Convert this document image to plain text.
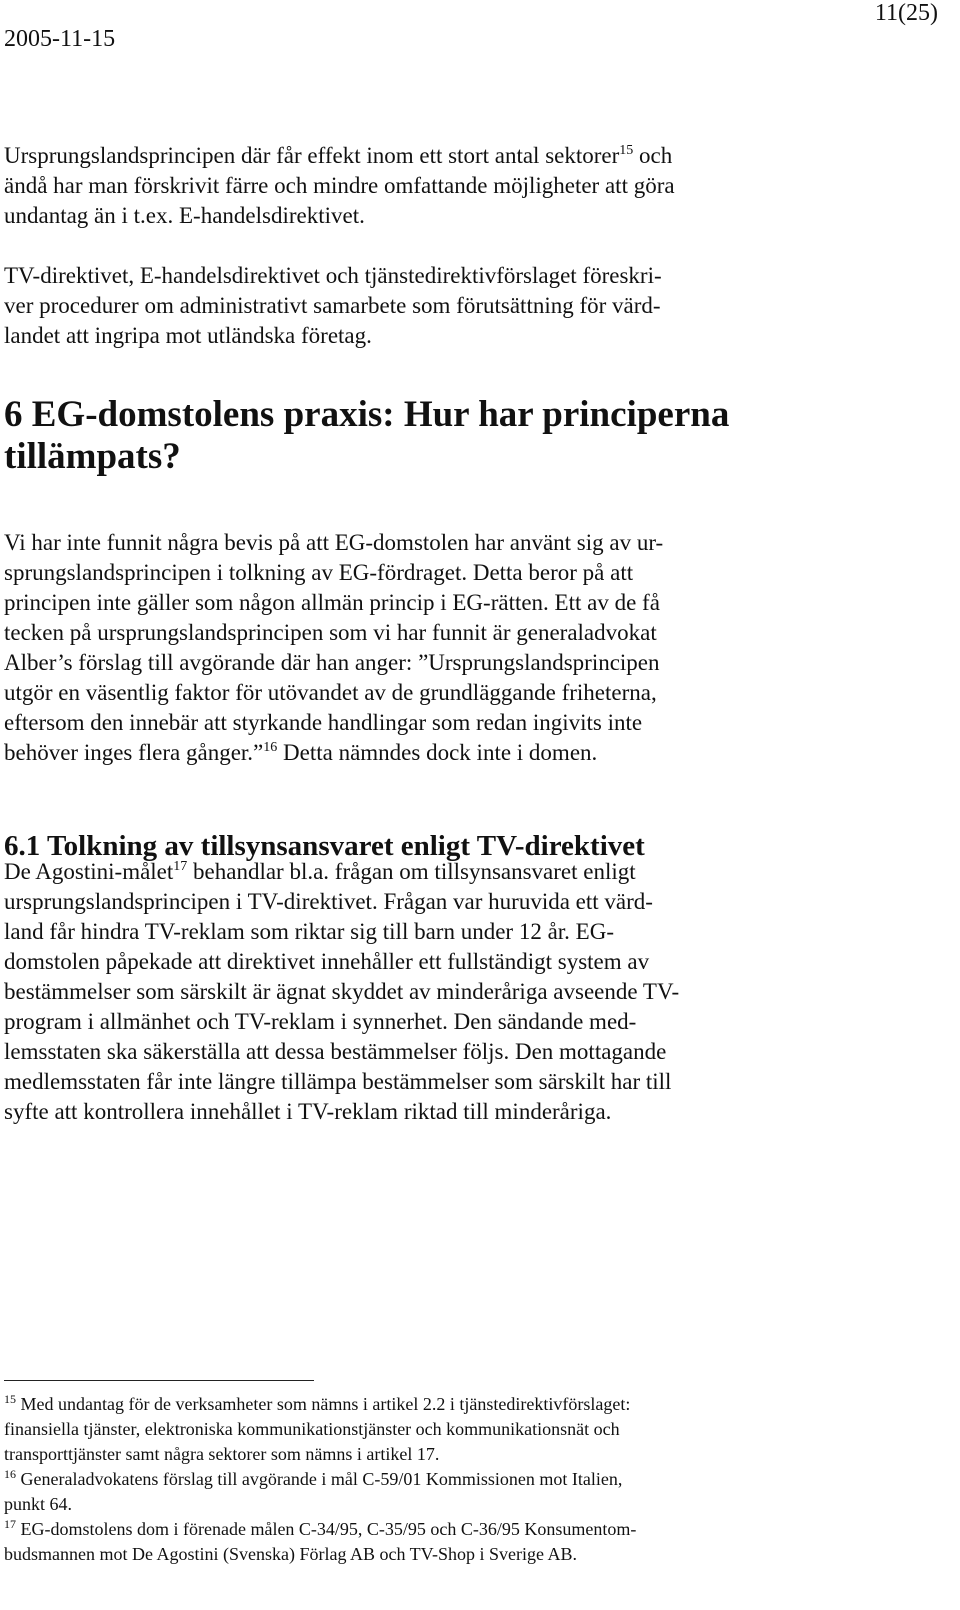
2005-11-15
11(25)

Ursprungslandsprincipen där får effekt inom ett stort antal sektorer$^{15}$ och
ändå har man förskrivit färre och mindre omfattande möjligheter att göra
undantag än i t.ex. E-handelsdirektivet.

TV-direktivet, E-handelsdirektivet och tjänstedirektivförslaget föreskri-
ver procedurer om administrativt samarbete som förutsättning för värd-
landet att ingripa mot utländska företag.

6 EG-domstolens praxis: Hur har principerna
tillämpats?

Vi har inte funnit några bevis på att EG-domstolen har använt sig av ur-
sprungslandsprincipen i tolkning av EG-fördraget. Detta beror på att
principen inte gäller som någon allmän princip i EG-rätten. Ett av de få
tecken på ursprungslandsprincipen som vi har funnit är generaladvokat
Alber’s förslag till avgörande där han anger: ”Ursprungslandsprincipen
utgör en väsentlig faktor för utövandet av de grundläggande friheterna,
eftersom den innebär att styrkande handlingar som redan ingivits inte
behöver inges flera gånger.”$^{16}$ Detta nämndes dock inte i domen.

6.1 Tolkning av tillsynsansvaret enligt TV-direktivet

De Agostini-målet$^{17}$ behandlar bl.a. frågan om tillsynsansvaret enligt
ursprungslandsprincipen i TV-direktivet. Frågan var huruvida ett värd-
land får hindra TV-reklam som riktar sig till barn under 12 år. EG-
domstolen påpekade att direktivet innehåller ett fullständigt system av
bestämmelser som särskilt är ägnat skyddet av minderåriga avseende TV-
program i allmänhet och TV-reklam i synnerhet. Den sändande med-
lemsstaten ska säkerställa att dessa bestämmelser följs. Den mottagande
medlemsstaten får inte längre tillämpa bestämmelser som särskilt har till
syfte att kontrollera innehållet i TV-reklam riktad till minderåriga.

$^{15}$ Med undantag för de verksamheter som nämns i artikel 2.2 i tjänstedirektivförslaget:
finansiella tjänster, elektroniska kommunikationstjänster och kommunikationsnät och
transporttjänster samt några sektorer som nämns i artikel 17.

$^{16}$ Generaladvokatens förslag till avgörande i mål C-59/01 Kommissionen mot Italien,
punkt 64.

$^{17}$ EG-domstolens dom i förenade målen C-34/95, C-35/95 och C-36/95 Konsumentom-
budsmannen mot De Agostini (Svenska) Förlag AB och TV-Shop i Sverige AB.
